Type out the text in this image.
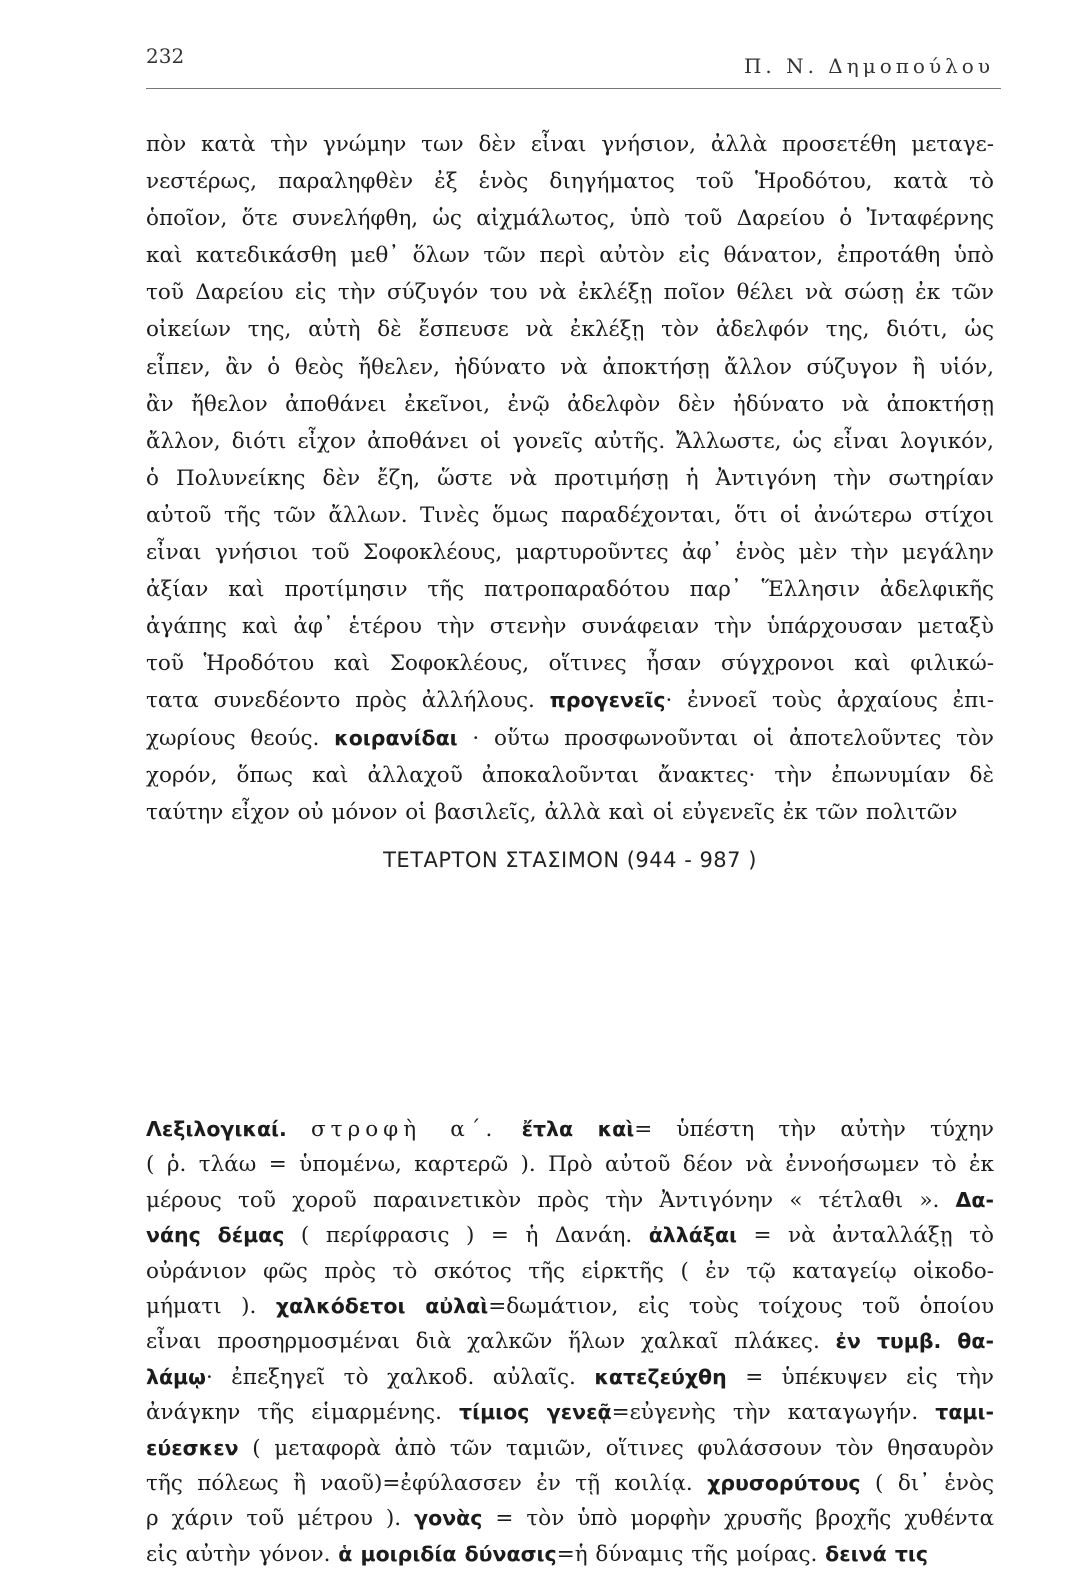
232	Π. Ν. Δημοπούλου
πὸν κατὰ τὴν γνώμην των δὲν εἶναι γνήσιον, ἀλλὰ προσετέθη μεταγε-
νεστέρως, παραληφθὲν ἐξ ἑνὸς διηγήματος τοῦ Ἡροδότου, κατὰ τὸ
ὁποῖον, ὅτε συνελήφθη, ὡς αἰχμάλωτος, ὑπὸ τοῦ Δαρείου ὁ Ἰνταφέρνης
καὶ κατεδικάσθη μεθ᾽ ὅλων τῶν περὶ αὐτὸν εἰς θάνατον, ἐπροτάθη ὑπὸ
τοῦ Δαρείου εἰς τὴν σύζυγόν του νὰ ἐκλέξῃ ποῖον θέλει νὰ σώσῃ ἐκ τῶν
οἰκείων της, αὐτὴ δὲ ἔσπευσε νὰ ἐκλέξῃ τὸν ἀδελφόν της, διότι, ὡς
εἶπεν, ἂν ὁ θεὸς ἤθελεν, ἠδύνατο νὰ ἀποκτήσῃ ἄλλον σύζυγον ἢ υἱόν,
ἂν ἤθελον ἀποθάνει ἐκεῖνοι, ἐνῷ ἀδελφὸν δὲν ἠδύνατο νὰ ἀποκτήσῃ
ἄλλον, διότι εἶχον ἀποθάνει οἱ γονεῖς αὐτῆς. Ἄλλωστε, ὡς εἶναι λογικόν,
ὁ Πολυνείκης δὲν ἔζη, ὥστε νὰ προτιμήσῃ ἡ Ἀντιγόνη τὴν σωτηρίαν
αὐτοῦ τῆς τῶν ἄλλων. Τινὲς ὅμως παραδέχονται, ὅτι οἱ ἀνώτερω στίχοι
εἶναι γνήσιοι τοῦ Σοφοκλέους, μαρτυροῦντες ἀφ᾽ ἑνὸς μὲν τὴν μεγάλην
ἀξίαν καὶ προτίμησιν τῆς πατροπαραδότου παρ᾽ Ἕλλησιν ἀδελφικῆς
ἀγάπης καὶ ἀφ᾽ ἑτέρου τὴν στενὴν συνάφειαν τὴν ὑπάρχουσαν μεταξὺ
τοῦ Ἡροδότου καὶ Σοφοκλέους, οἵτινες ἦσαν σύγχρονοι καὶ φιλικώ-
τατα συνεδέοντο πρὸς ἀλλήλους. προγενεῖς· ἐννοεῖ τοὺς ἀρχαίους ἐπι-
χωρίους θεούς. κοιρανίδαι · οὕτω προσφωνοῦνται οἱ ἀποτελοῦντες τὸν
χορόν, ὅπως καὶ ἀλλαχοῦ ἀποκαλοῦνται ἄνακτες· τὴν ἐπωνυμίαν δὲ
ταύτην εἶχον οὐ μόνον οἱ βασιλεῖς, ἀλλὰ καὶ οἱ εὐγενεῖς ἐκ τῶν πολιτῶν
ΤΕΤΑΡΤΟΝ ΣΤΑΣΙΜΟΝ (944 - 987 )
Λεξιλογικαί. στροφὴ α΄. ἔτλα καὶ= ὑπέστη τὴν αὐτὴν τύχην
( ῥ. τλάω = ὑπομένω, καρτερῶ ). Πρὸ αὐτοῦ δέον νὰ ἐννοήσωμεν τὸ ἐκ
μέρους τοῦ χοροῦ παραινετικὸν πρὸς τὴν Ἀντιγόνην « τέτλαθι ». Δα-
νάης δέμας ( περίφρασις ) = ἡ Δανάη. ἀλλάξαι = νὰ ἀνταλλάξῃ τὸ
οὐράνιον φῶς πρὸς τὸ σκότος τῆς εἱρκτῆς ( ἐν τῷ καταγείῳ οἰκοδο-
μήματι ). χαλκόδετοι αὐλαὶ=δωμάτιον, εἰς τοὺς τοίχους τοῦ ὁποίου
εἶναι προσηρμοσμέναι διὰ χαλκῶν ἥλων χαλκαῖ πλάκες. ἐν τυμβ. θα-
λάμῳ· ἐπεξηγεῖ τὸ χαλκοδ. αὐλαῖς. κατεζεύχθη = ὑπέκυψεν εἰς τὴν
ἀνάγκην τῆς εἱμαρμένης. τίμιος γενεᾷ=εὐγενὴς τὴν καταγωγήν. ταμι-
εύεσκεν ( μεταφορὰ ἀπὸ τῶν ταμιῶν, οἵτινες φυλάσσουν τὸν θησαυρὸν
τῆς πόλεως ἢ ναοῦ)=ἐφύλασσεν ἐν τῇ κοιλίᾳ. χρυσορύτους ( δι᾽ ἑνὸς
ρ χάριν τοῦ μέτρου ). γονὰς = τὸν ὑπὸ μορφὴν χρυσῆς βροχῆς χυθέντα
εἰς αὐτὴν γόνον. ἁ μοιριδία δύνασις=ἡ δύναμις τῆς μοίρας. δεινά τις
